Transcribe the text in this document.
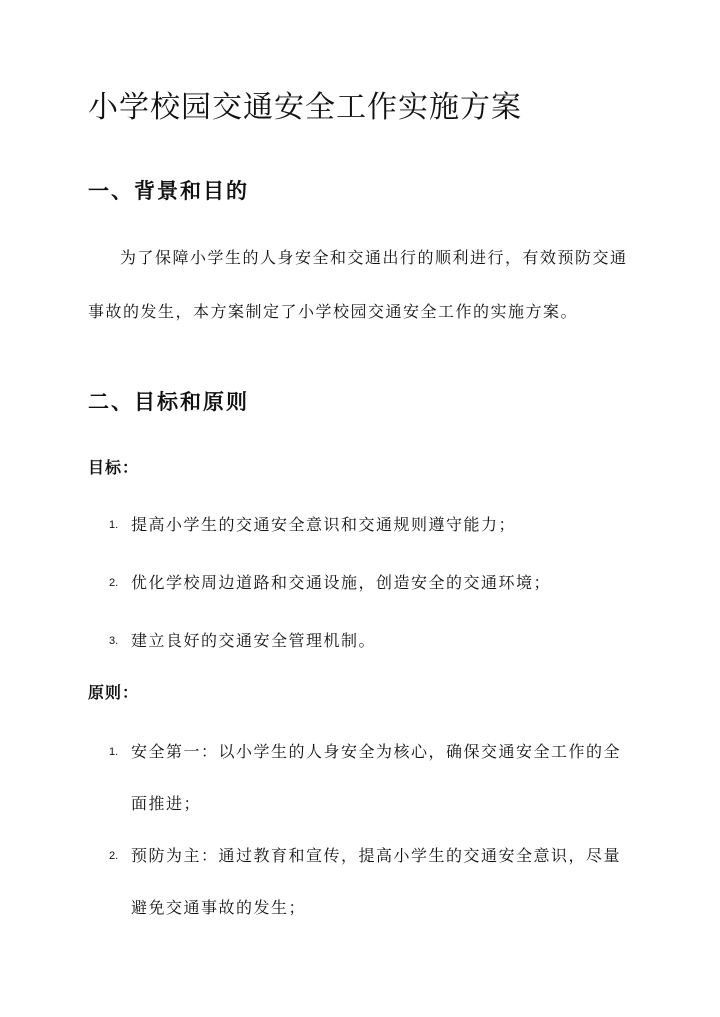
小学校园交通安全工作实施方案
一、背景和目的

为了保障小学生的人身安全和交通出行的顺利进行，有效预防交通事故的发生，本方案制定了小学校园交通安全工作的实施方案。

二、目标和原则
目标：
1. 提高小学生的交通安全意识和交通规则遵守能力；
2. 优化学校周边道路和交通设施，创造安全的交通环境；
3. 建立良好的交通安全管理机制。
原则：
1. 安全第一：以小学生的人身安全为核心，确保交通安全工作的全面推进；
2. 预防为主：通过教育和宣传，提高小学生的交通安全意识，尽量避免交通事故的发生；
